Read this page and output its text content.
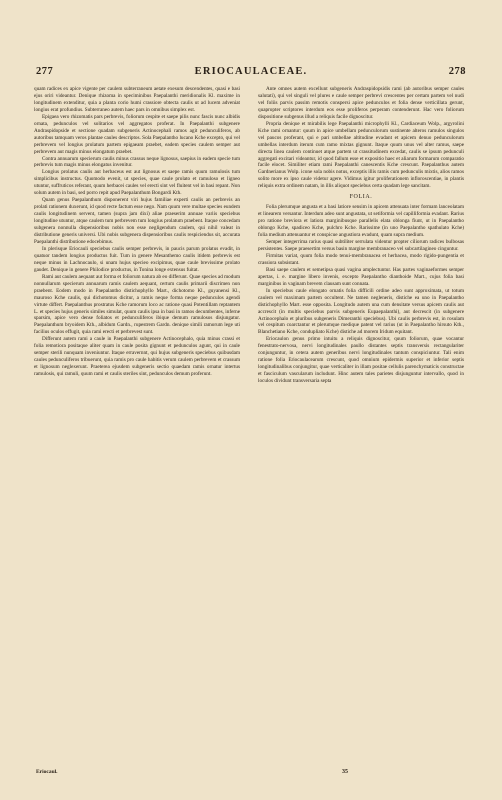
277	ERIOCAULACEAE.	278

quam radices ex apice vigente per caulem subterraneum aetate exesum descendentes, quasi e basi ejus oriri videantur. Denique rhizoma in speciminibus Paepalanthi meridionalis Kl. maxime in longitudinem extenditur, quia a planta corio humi crassiore obtecta caulis ut ad lucem adveniat longius erat profundius. Subterraneo autem haec pars in omnibus simplex est.

Epigaea vero rhizomatis pars perbrevis, foliorum cespite et saepe pilis nunc fascis nunc albidis ornata, pedunculos vel solitarios vel aggregatos proferat. In Paepalanthi subgenere Andraspidopside et sectione quadam subgeneris Actinocephali ramos agit pedunculiferos, ab autoribus tamquam veros plantae caules descriptos. Sola Paepalantho lucano Kche excepto, qui vel perbrevem vel longius prolatum partem epigaeam praebet, eadem species caulem semper aut perbrevem aut magis minus elongatum praebet.

Contra annuarum specierum caulis minus crassus neque lignosus, saepius in eadem specie tum perbrevis tum magis minus elongatus invenitur.

Longius prolatus caulis aut herbaceus est aut lignosus et saepe ramis quum ramulosis tum simplicibus instructus. Quomodo evenit, ut species, quae caule prolato et ramuloso et ligneo utuntur, suffruticos referant, quum herbacei caules vel erecti sint vel fluitent vel in basi repant. Non solum autem in basi, sed porro repit apud Paepalanthum Bongardi Kth.

Quam genus Paepalanthum disponerent viri hujus familiae experti caulis an perbrevis an prolati rationem duxerunt, id quod recte factum esse nego. Nam quum vere multae species eundem caulis longitudinem servent, tamen (supra jam dixi) aliae praeserim annuae variis speciebus longitudine utuntur, atque caulem tum perbrevem tum longius prolatum praebent. Itaque concedam subgenera nonnulla dispensioribus nobis non esse negligendum caulem, qui nihil valeat in distributione generis universi. Ubi nobis subgenera dispensioribus caulis respiciendus sit, accurata Paepalanthi distributione edocebimus.

In plerisque Eriocauli speciebus caulis semper perbrevis, in paucis parum prolatus evadit, in quatuor tandem longius productus fuit. Tum in genere Mesanthemo caulis itidem perbrevis est neque minus in Lachnocaulo, si unam hujus specieo excipimus, quae caule brevissime prolato gaudet. Denique in genere Philodice productus, in Tonina longe extensus fuitat.

Rami aut caulem aequant aut forma et foliorum natura ab eo differunt. Quae species ad modum nonnullarum specierum annuarum ramis caulem aequant, certum caulis primarii discrimen non praebent. Eodem modo in Paepalantho distichophyllo Mart., dichotomo Kl., guyanensi Kl., mauroso Kche caulis, qui dichotomus dicitur, a ramis neque forma neque pedunculos agendi virtute differt. Paepalanthus prostratus Kche ramorum loco ac ratione quasi Potentillam reptantem L. et species hujus generis similes simulat, quum caulis ipsa in basi in ramos decumbentes, inferne sparsim, apice vero dense foliatos et pedunculiferos ibique demum ramulosos disjungatur. Paepalanthum bryoidem Kth., albidum Gardn., rupestrem Gardn. denique simili ramorum lege uti facilius oculos effugit, quia rami erecti et perbrevest sunt.

Differunt autem rami a caule in Paepalanthi subgenere Actinocephalo, quia minus crassi et folia remotiora positaque aliter quam in caule posita gignunt et pedunculos agunt, qui in caule semper sterili nunquam inveniuntur. Itaque erravernnt, qui hujus subgeneris speciebus quibusdam caules pedunculiferos tribuerunt, quia ramis pro caule habitis verum caulem perbrevem et crassum et lignosum neglexerunt. Praeterea ejusdem subgeneris sectio quaedam ramis ornatur intertus ramulosis, qui ramuli, quum rami et caulis steriles sint, pedunculos demum proferunt.

Ante omnes autem excellunt subgeneris Andraspidopsidis rami (ab autoribus semper caules salutati), qui vel singuli vel plures e caule semper perbrevi crescentes per certam partem vel nudi vel foliis parvis passim remotis conspersi apice pedunculos et folia dense verticillata gerunt, quapropter scriptores interdum eos esse proliferos perperam contenderunt. Hac vero foliorum dispositione subgenus illud a reliquis facile dignoscitur.

Propria denique et mirabilis lege Paepalanthi microphylli Kl., Cardiaceum Wolp., argyrolini Kche rami ornantur: quum in apice umbellam pedunculorum sustinente alteros ramulos singulos vel paucos proferant, qui e pari umbellae altitudine evadant et apicem denuo pedunculorum umbellas interdum iterum cum ramo mixtas gignunt. Itaque quum unus vel alter ramus, saepe directa linea caulem continuet atque partem ut crassitudinem excedat, caulis se ipsum pedunculi aggregati excitari videantur, id quod fallum esse et expositio haec et aliarum formarum comparatio facile elocet. Similiter etiam rami Paepalanthi canescentis Kche crescunt. Paepalanthus autem Gardnerianus Wolp. icone sola nobis notus, exceptis illis ramis cum pedunculis mixtis, alios ramos solito more ex ipso caule videtur agere. Vidimus igitur proliferationem infloroscentiae, in plantis reliquis extra ordinem natam, in illis aliquot speciebus certa quadam lege sancitam.

FOLIA.

Folia plerumque angusta et a basi latiore sensim in apicem attenuata inter formam lanceolatam et linearem versantur. Interdum adeo sunt angustata, ut setiformia vel capilliformia evadant. Rarius pro ratione breviora et latiora marginibusque parallelis elata oblonga fiunt, ut in Paepalantho oblongo Kche, spadiceo Kche, pulchro Kche. Rarissime (in uno Paepalantho spathulato Kche) folia medium attenuantur et conspicue angustiora evadunt, quam supra medium.

Semper integerrima rarius quasi subtiliter serrulata videntur propter ciliorum radices bulbosas persistentes. Saepe praesertim versus basin margine membranaceo vel subcartilagineo cinguntur.

Firmitas variat, quum folia modo tenui-membranacea et herbacea, modo rigido-pungentia et crassiora subsistant.

Basi saepe caulem et semetipsa quasi vagina amplectuntur. Has partes vaginaeformes semper apertas, i. e. margine libero invenis, excepto Paepalantho dianthoide Mart., cujus folia basi marginibus in vaginam brevem clausam sunt connata.

In speciebus caule elongato ornatis folia difficili ordine adeo sunt approximata, ut totum caulem vel maximam partem occultent. Ne tamen negleneris, distiche ea uno in Paepalantho distichophyllo Mart. esse opposita. Longitudo autem una cum densitate versus apicem caulis aut accrescit (in multis speciebus parvis subgeneris Eupaepalanthi), aut decrescit (in subgenere Actinocephalo et pluribus subgeneris Dimeranthi speciebus). Ubi caulis perbrevis est, in rosulam vel cespitum coarctantur et plerumque medique patent vel rarius (ut in Paepalantho hirsuto Kth., Blanchetiano Kche, condupliato Kche) distiche ad morem Iridum equitant.

Eriocaulon genus primo intuitu a reliquis dignoscitur, quum foliorum, quae vocantur fenestrato-nervosa, nervi longitudinales paullo distantes septis transversis rectangulariter conjunguntur, in cetera autem generibus nervi longitudinales tantum conspiciuntur. Tali enim ratione folia Eriocaulacearum crescunt, quod omnium epidermis superior et inferior septis longitudinalibus conjungitur, quae verticaliter in illam positae cellulis parenchymaticis constructae et fasciculum vascularum includunt. Hinc autem tales parietes disjunguntur intervallo, quod in loculos dividunt transversaria septa

Eriocaul.	35
